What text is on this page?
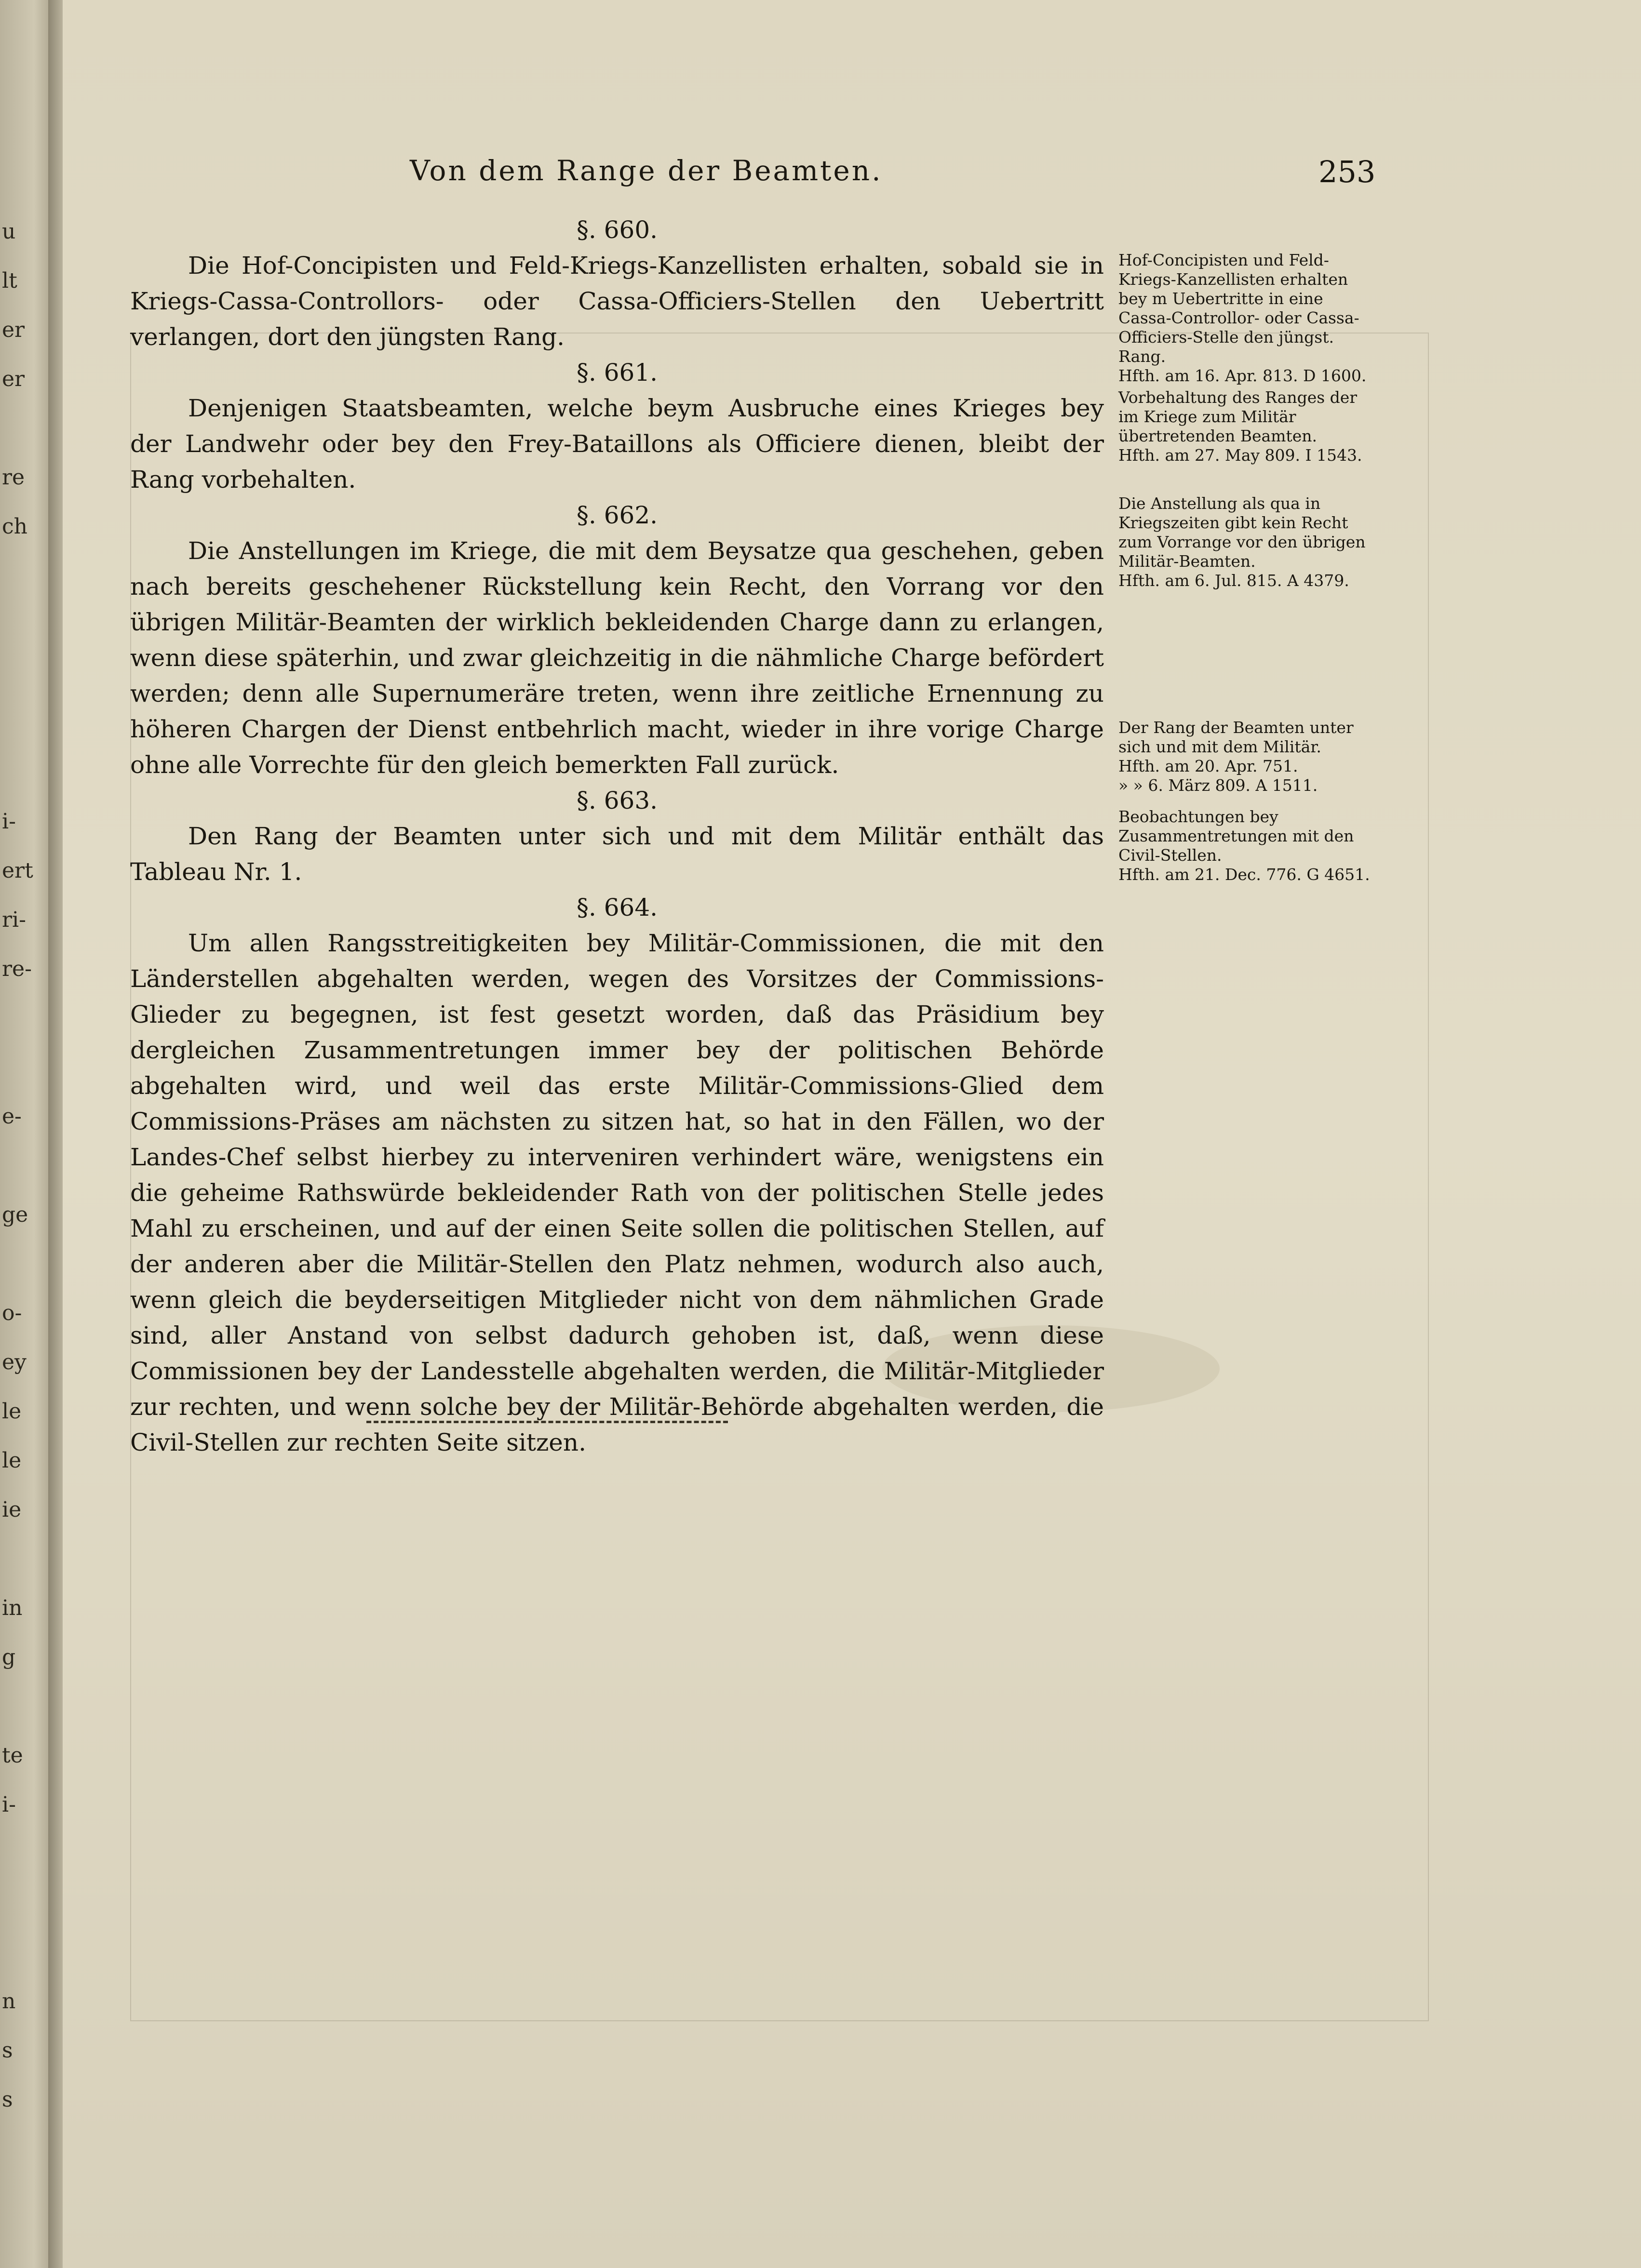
u
lt
er
er
re
ch
i-
ert
ri-
re-
e-
ge
o-
ey
le
le
ie
in
g
te
i-
n
s
s
Von dem Range der Beamten.	253

§. 660.

Die Hof-Concipisten und Feld-Kriegs-Kanzellisten erhalten, sobald sie in Kriegs-Cassa-Controllors- oder Cassa-Officiers-Stellen den Uebertritt verlangen, dort den jüngsten Rang.

§. 661.

Denjenigen Staatsbeamten, welche beym Ausbruche eines Krieges bey der Landwehr oder bey den Frey-Bataillons als Officiere dienen, bleibt der Rang vorbehalten.

§. 662.

Die Anstellungen im Kriege, die mit dem Beysatze qua geschehen, geben nach bereits geschehener Rückstellung kein Recht, den Vorrang vor den übrigen Militär-Beamten der wirklich bekleidenden Charge dann zu erlangen, wenn diese späterhin, und zwar gleichzeitig in die nähmliche Charge befördert werden; denn alle Supernumeräre treten, wenn ihre zeitliche Ernennung zu höheren Chargen der Dienst entbehrlich macht, wieder in ihre vorige Charge ohne alle Vorrechte für den gleich bemerkten Fall zurück.

§. 663.

Den Rang der Beamten unter sich und mit dem Militär enthält das Tableau Nr. 1.

§. 664.

Um allen Rangsstreitigkeiten bey Militär-Commissionen, die mit den Länderstellen abgehalten werden, wegen des Vorsitzes der Commissions-Glieder zu begegnen, ist fest gesetzt worden, daß das Präsidium bey dergleichen Zusammentretungen immer bey der politischen Behörde abgehalten wird, und weil das erste Militär-Commissions-Glied dem Commissions-Präses am nächsten zu sitzen hat, so hat in den Fällen, wo der Landes-Chef selbst hierbey zu interveniren verhindert wäre, wenigstens ein die geheime Rathswürde bekleidender Rath von der politischen Stelle jedes Mahl zu erscheinen, und auf der einen Seite sollen die politischen Stellen, auf der anderen aber die Militär-Stellen den Platz nehmen, wodurch also auch, wenn gleich die beyderseitigen Mitglieder nicht von dem nähmlichen Grade sind, aller Anstand von selbst dadurch gehoben ist, daß, wenn diese Commissionen bey der Landesstelle abgehalten werden, die Militär-Mitglieder zur rechten, und wenn solche bey der Militär-Behörde abgehalten werden, die Civil-Stellen zur rechten Seite sitzen.

Hof-Concipisten und Feld-Kriegs-Kanzellisten erhalten bey m Uebertritte in eine Cassa-Controllor- oder Cassa-Officiers-Stelle den jüngst. Rang.
Hfth. am 16. Apr. 813. D 1600.
Vorbehaltung des Ranges der im Kriege zum Militär übertretenden Beamten.
Hfth. am 27. May 809. I 1543.
Die Anstellung als qua in Kriegszeiten gibt kein Recht zum Vorrange vor den übrigen Militär-Beamten.
Hfth. am 6. Jul. 815. A 4379.
Der Rang der Beamten unter sich und mit dem Militär.
Hfth. am 20. Apr. 751.
» » 6. März 809. A 1511.
Beobachtungen bey Zusammentretungen mit den Civil-Stellen.
Hfth. am 21. Dec. 776. G 4651.
